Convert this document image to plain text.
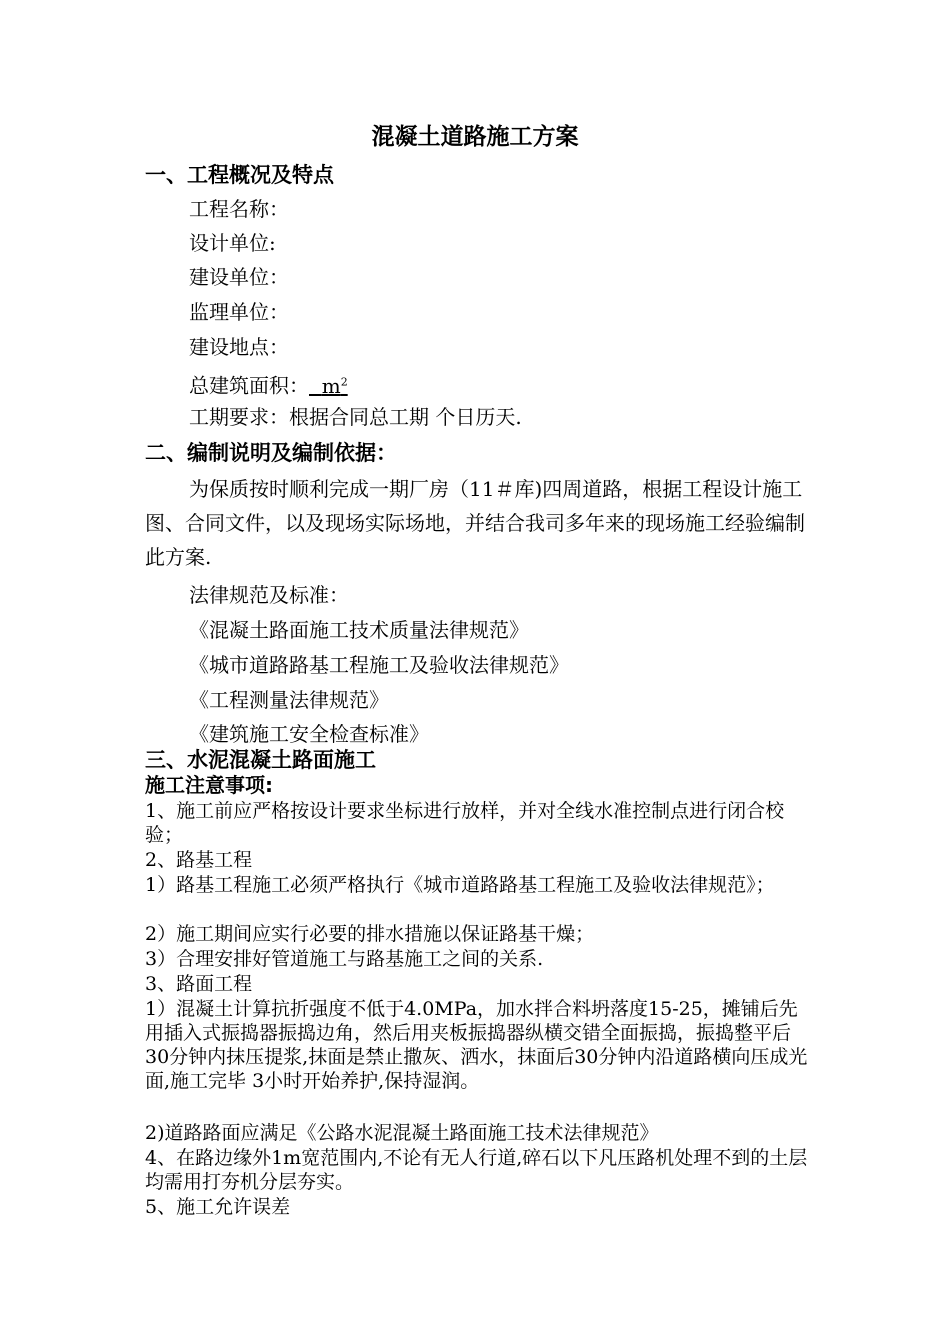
混凝土道路施工方案
一、工程概况及特点
工程名称：
设计单位:
建设单位：
监理单位：
建设地点：
总建筑面积： $m^2$
工期要求：根据合同总工期 个日历天.
二、编制说明及编制依据：
为保质按时顺利完成一期厂房（11＃库)四周道路，根据工程设计施工图、合同文件，以及现场实际场地，并结合我司多年来的现场施工经验编制此方案.
法律规范及标准：
《混凝土路面施工技术质量法律规范》
《城市道路路基工程施工及验收法律规范》
《工程测量法律规范》
《建筑施工安全检查标准》
三、水泥混凝土路面施工
施工注意事项:
1、施工前应严格按设计要求坐标进行放样，并对全线水准控制点进行闭合校验；
2、路基工程
1）路基工程施工必须严格执行《城市道路路基工程施工及验收法律规范》；
2）施工期间应实行必要的排水措施以保证路基干燥；
3）合理安排好管道施工与路基施工之间的关系.
3、路面工程
1）混凝土计算抗折强度不低于4.0MPa，加水拌合料坍落度15-25，摊铺后先用插入式振捣器振捣边角，然后用夹板振捣器纵横交错全面振捣，振捣整平后30分钟内抹压提浆,抹面是禁止撒灰、洒水，抹面后30分钟内沿道路横向压成光面,施工完毕 3小时开始养护,保持湿润。
2)道路路面应满足《公路水泥混凝土路面施工技术法律规范》
4、在路边缘外1m宽范围内,不论有无人行道,碎石以下凡压路机处理不到的土层均需用打夯机分层夯实。
5、施工允许误差
